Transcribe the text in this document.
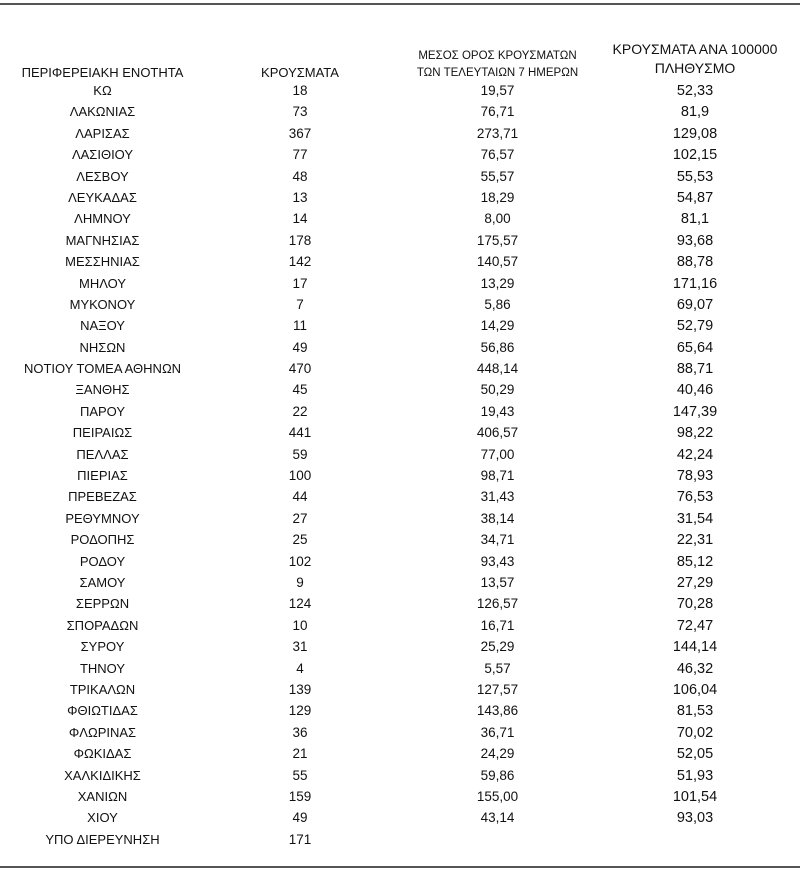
ΠΕΡΙΦΕΡΕΙΑΚΗ ΕΝΟΤΗΤΑ	ΚΡΟΥΣΜΑΤΑ
ΜΕΣΟΣ ΟΡΟΣ ΚΡΟΥΣΜΑΤΩΝ
ΤΩΝ ΤΕΛΕΥΤΑΙΩΝ 7 ΗΜΕΡΩΝ
ΚΡΟΥΣΜΑΤΑ ΑΝΑ 100000
ΠΛΗΘΥΣΜΟ
ΚΩ	18	19,57	52,33
ΛΑΚΩΝΙΑΣ	73	76,71	81,9
ΛΑΡΙΣΑΣ	367	273,71	129,08
ΛΑΣΙΘΙΟΥ	77	76,57	102,15
ΛΕΣΒΟΥ	48	55,57	55,53
ΛΕΥΚΑΔΑΣ	13	18,29	54,87
ΛΗΜΝΟΥ	14	8,00	81,1
ΜΑΓΝΗΣΙΑΣ	178	175,57	93,68
ΜΕΣΣΗΝΙΑΣ	142	140,57	88,78
ΜΗΛΟΥ	17	13,29	171,16
ΜΥΚΟΝΟΥ	7	5,86	69,07
ΝΑΞΟΥ	11	14,29	52,79
ΝΗΣΩΝ	49	56,86	65,64
ΝΟΤΙΟΥ ΤΟΜΕΑ ΑΘΗΝΩΝ	470	448,14	88,71
ΞΑΝΘΗΣ	45	50,29	40,46
ΠΑΡΟΥ	22	19,43	147,39
ΠΕΙΡΑΙΩΣ	441	406,57	98,22
ΠΕΛΛΑΣ	59	77,00	42,24
ΠΙΕΡΙΑΣ	100	98,71	78,93
ΠΡΕΒΕΖΑΣ	44	31,43	76,53
ΡΕΘΥΜΝΟΥ	27	38,14	31,54
ΡΟΔΟΠΗΣ	25	34,71	22,31
ΡΟΔΟΥ	102	93,43	85,12
ΣΑΜΟΥ	9	13,57	27,29
ΣΕΡΡΩΝ	124	126,57	70,28
ΣΠΟΡΑΔΩΝ	10	16,71	72,47
ΣΥΡΟΥ	31	25,29	144,14
ΤΗΝΟΥ	4	5,57	46,32
ΤΡΙΚΑΛΩΝ	139	127,57	106,04
ΦΘΙΩΤΙΔΑΣ	129	143,86	81,53
ΦΛΩΡΙΝΑΣ	36	36,71	70,02
ΦΩΚΙΔΑΣ	21	24,29	52,05
ΧΑΛΚΙΔΙΚΗΣ	55	59,86	51,93
ΧΑΝΙΩΝ	159	155,00	101,54
ΧΙΟΥ	49	43,14	93,03
ΥΠΟ ΔΙΕΡΕΥΝΗΣΗ	171
